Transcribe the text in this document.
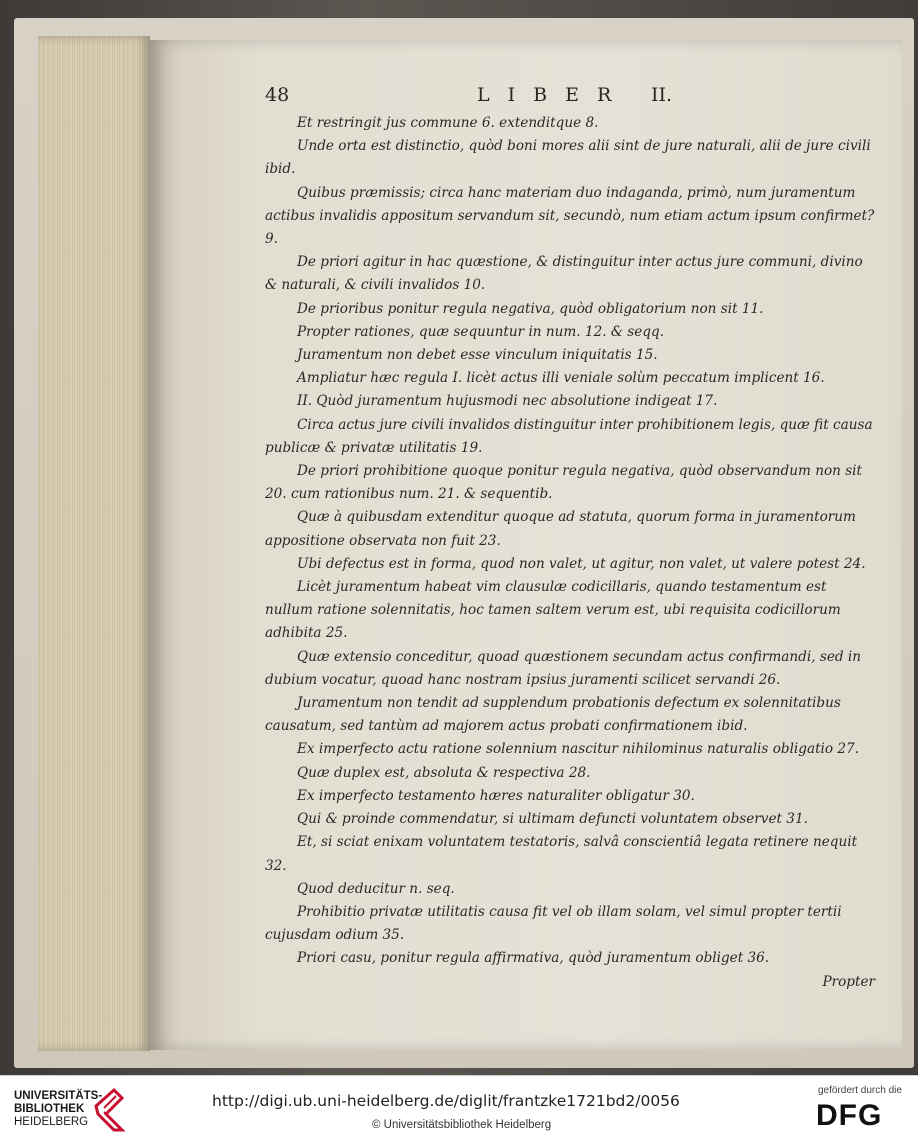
48	LIBER II.

Et restringit jus commune 6. extenditque 8.

Unde orta est distinctio, quòd boni mores alii sint de jure naturali, alii de jure civili ibid.

Quibus præmissis; circa hanc materiam duo indaganda, primò, num juramentum actibus invalidis appositum servandum sit, secundò, num etiam actum ipsum confirmet? 9.

De priori agitur in hac quæstione, & distinguitur inter actus jure communi, divino & naturali, & civili invalidos 10.

De prioribus ponitur regula negativa, quòd obligatorium non sit 11.

Propter rationes, quæ sequuntur in num. 12. & seqq.

Juramentum non debet esse vinculum iniquitatis 15.

Ampliatur hæc regula I. licèt actus illi veniale solùm peccatum implicent 16.

II. Quòd juramentum hujusmodi nec absolutione indigeat 17.

Circa actus jure civili invalidos distinguitur inter prohibitionem legis, quæ fit causa publicæ & privatæ utilitatis 19.

De priori prohibitione quoque ponitur regula negativa, quòd observandum non sit 20. cum rationibus num. 21. & sequentib.

Quæ à quibusdam extenditur quoque ad statuta, quorum forma in juramentorum appositione observata non fuit 23.

Ubi defectus est in forma, quod non valet, ut agitur, non valet, ut valere potest 24.

Licèt juramentum habeat vim clausulæ codicillaris, quando testamentum est nullum ratione solennitatis, hoc tamen saltem verum est, ubi requisita codicillorum adhibita 25.

Quæ extensio conceditur, quoad quæstionem secundam actus confirmandi, sed in dubium vocatur, quoad hanc nostram ipsius juramenti scilicet servandi 26.

Juramentum non tendit ad supplendum probationis defectum ex solennitatibus causatum, sed tantùm ad majorem actus probati confirmationem ibid.

Ex imperfecto actu ratione solennium nascitur nihilominus naturalis obligatio 27.

Quæ duplex est, absoluta & respectiva 28.

Ex imperfecto testamento hæres naturaliter obligatur 30.

Qui & proinde commendatur, si ultimam defuncti voluntatem observet 31.

Et, si sciat enixam voluntatem testatoris, salvâ conscientiâ legata retinere nequit 32.

Quod deducitur n. seq.

Prohibitio privatæ utilitatis causa fit vel ob illam solam, vel simul propter tertii cujusdam odium 35.

Priori casu, ponitur regula affirmativa, quòd juramentum obliget 36.

Propter

UNIVERSITÄTS-
BIBLIOTHEK
HEIDELBERG
http://digi.ub.uni-heidelberg.de/diglit/frantzke1721bd2/0056
© Universitätsbibliothek Heidelberg
gefördert durch die
DFG
